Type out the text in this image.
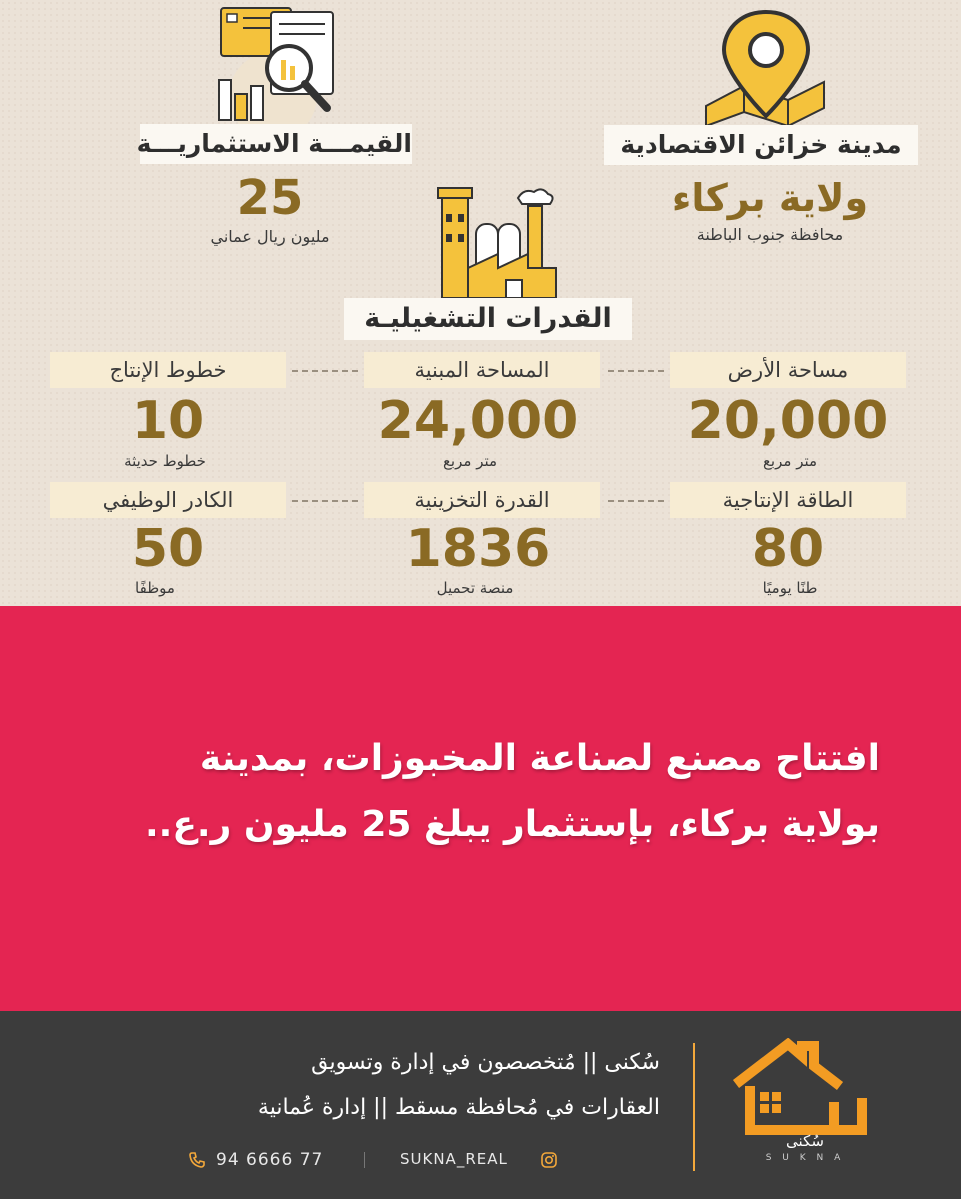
القيمـــة الاستثماريـــة
25
مليون ريال عماني
مدينة خزائن الاقتصادية
ولاية بركاء
محافظة جنوب الباطنة
القدرات التشغيليـة
مساحة الأرض
المساحة المبنية
خطوط الإنتاج
20,000
24,000
10
متر مربع
متر مربع
خطوط حديثة
الطاقة الإنتاجية
القدرة التخزينية
الكادر الوظيفي
80
1836
50
طنًا يوميًا
منصة تحميل
موظفًا
افتتاح مصنع لصناعة المخبوزات، بمدينة
بولاية بركاء، بإستثمار يبلغ 25 مليون ر.ع..
سُكنى || مُتخصصون في إدارة وتسويق
العقارات في مُحافظة مسقط || إدارة عُمانية
94 6666 77	SUKNA_REAL
سُكنى
S U K N A
